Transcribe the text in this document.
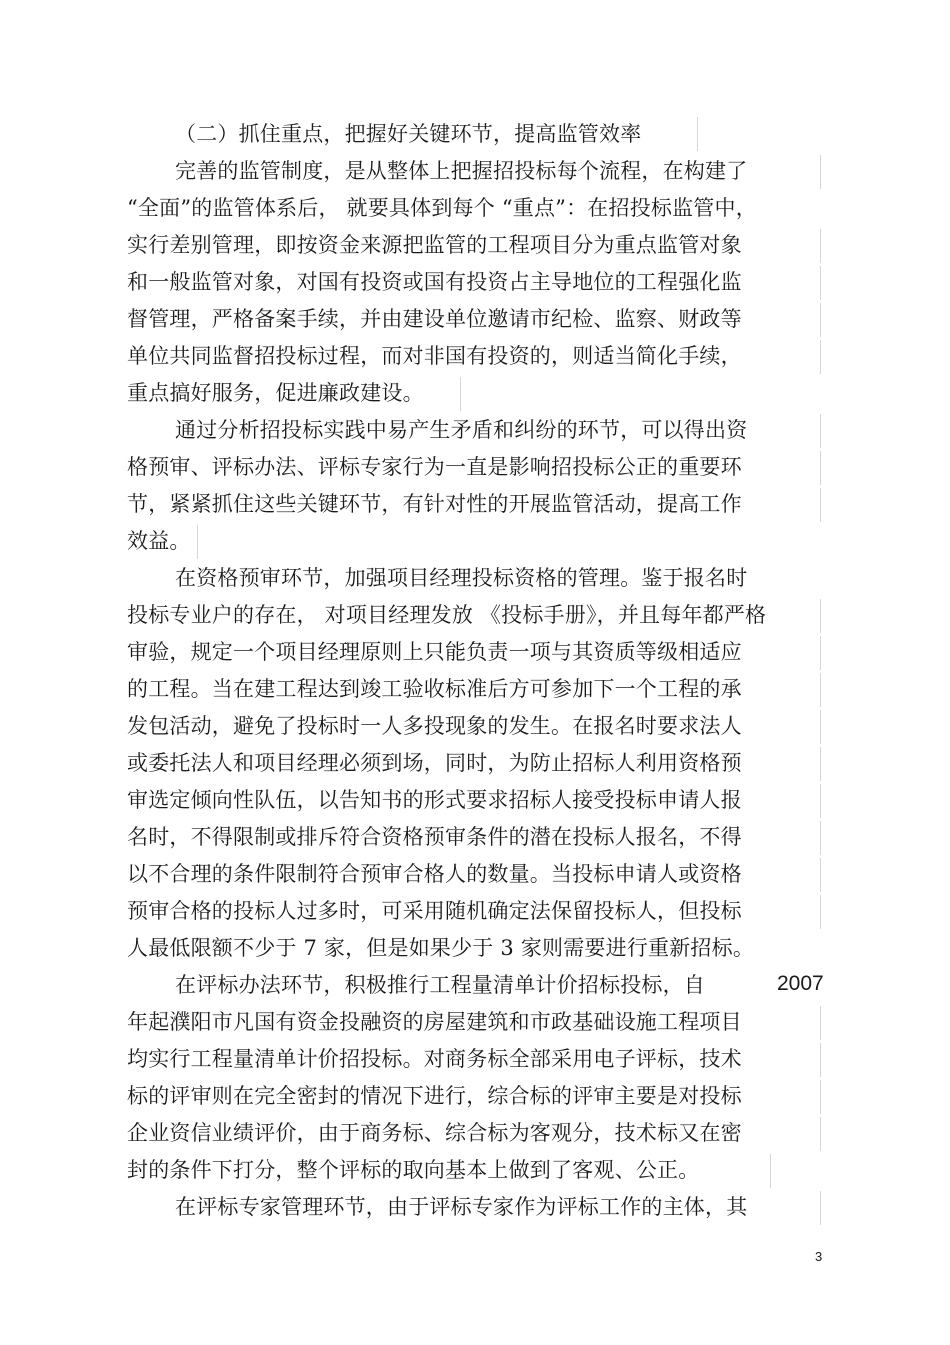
（二）抓住重点，把握好关键环节，提高监管效率
完善的监管制度，是从整体上把握招投标每个流程，在构建了
“全面”的监管体系后， 就要具体到每个 “重点”：在招投标监管中，
实行差别管理，即按资金来源把监管的工程项目分为重点监管对象
和一般监管对象，对国有投资或国有投资占主导地位的工程强化监
督管理，严格备案手续，并由建设单位邀请市纪检、监察、财政等
单位共同监督招投标过程，而对非国有投资的，则适当简化手续，
重点搞好服务，促进廉政建设。
通过分析招投标实践中易产生矛盾和纠纷的环节，可以得出资
格预审、评标办法、评标专家行为一直是影响招投标公正的重要环
节，紧紧抓住这些关键环节，有针对性的开展监管活动，提高工作
效益。
在资格预审环节，加强项目经理投标资格的管理。鉴于报名时
投标专业户的存在， 对项目经理发放 《投标手册》，并且每年都严格
审验，规定一个项目经理原则上只能负责一项与其资质等级相适应
的工程。当在建工程达到竣工验收标准后方可参加下一个工程的承
发包活动，避免了投标时一人多投现象的发生。在报名时要求法人
或委托法人和项目经理必须到场，同时，为防止招标人利用资格预
审选定倾向性队伍，以告知书的形式要求招标人接受投标申请人报
名时，不得限制或排斥符合资格预审条件的潜在投标人报名，不得
以不合理的条件限制符合预审合格人的数量。当投标申请人或资格
预审合格的投标人过多时，可采用随机确定法保留投标人，但投标
人最低限额不少于 7 家，但是如果少于 3 家则需要进行重新招标。
在评标办法环节，积极推行工程量清单计价招标投标，自	2007
年起濮阳市凡国有资金投融资的房屋建筑和市政基础设施工程项目
均实行工程量清单计价招投标。对商务标全部采用电子评标，技术
标的评审则在完全密封的情况下进行，综合标的评审主要是对投标
企业资信业绩评价，由于商务标、综合标为客观分，技术标又在密
封的条件下打分，整个评标的取向基本上做到了客观、公正。
在评标专家管理环节，由于评标专家作为评标工作的主体，其
3
